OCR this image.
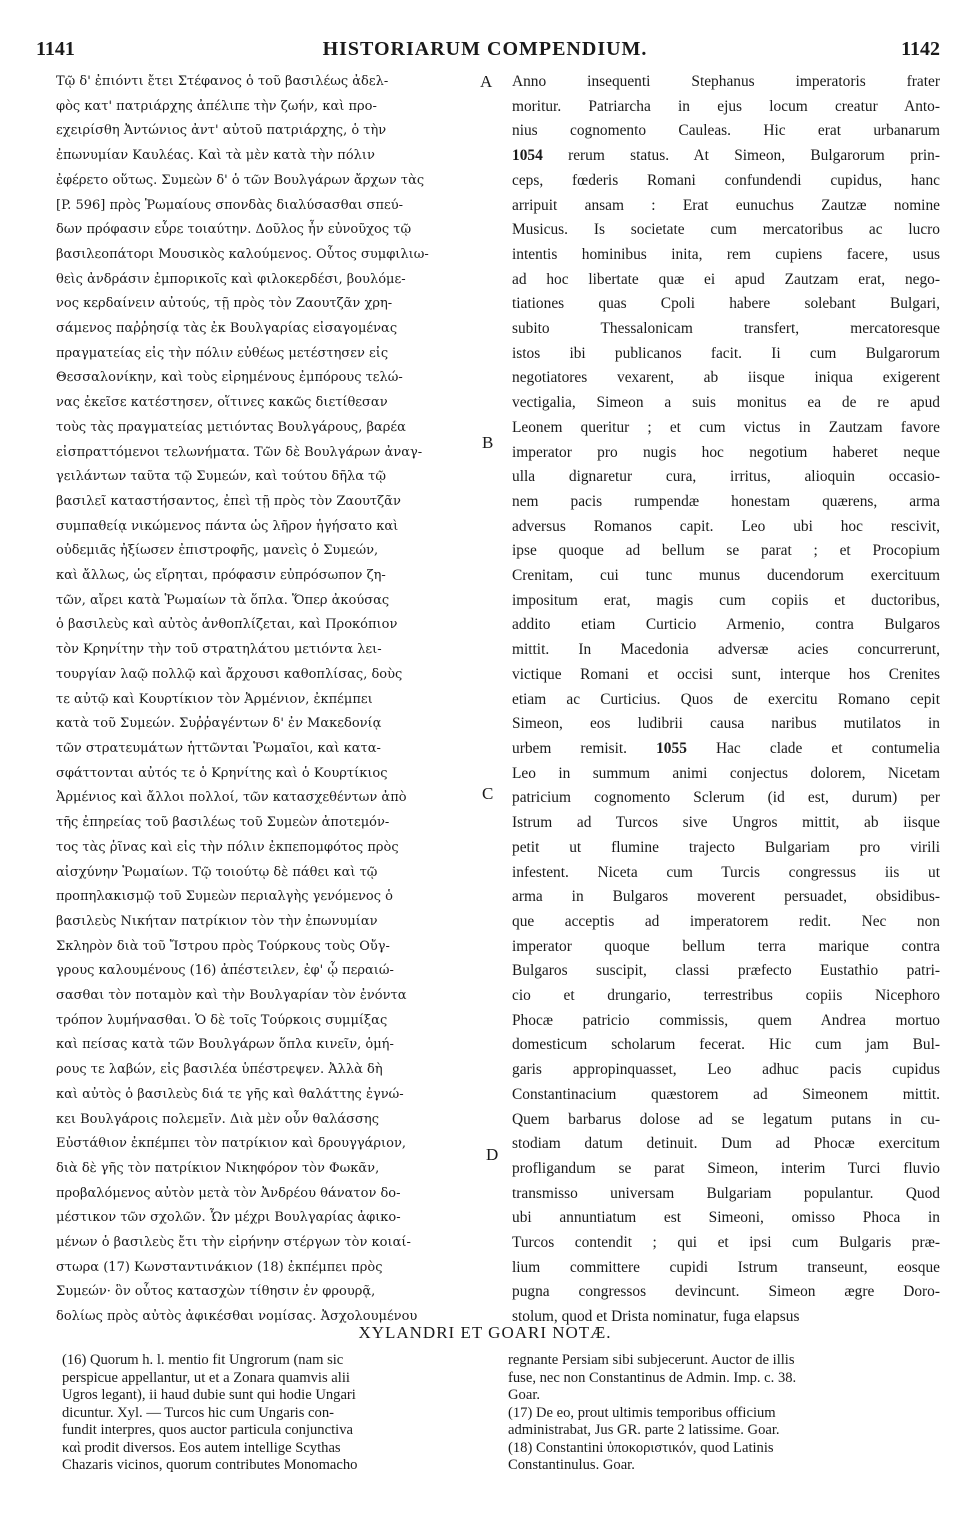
1141	HISTORIARUM COMPENDIUM.	1142

Τῷ δ' ἐπιόντι ἔτει Στέφανος ὁ τοῦ βασιλέως ἀδελ-

φὸς κατ' πατριάρχης ἀπέλιπε τὴν ζωήν, καὶ προ-

εχειρίσθη Ἀντώνιος ἀντ' αὐτοῦ πατριάρχης, ὁ τὴν

ἐπωνυμίαν Καυλέας. Καὶ τὰ μὲν κατὰ τὴν πόλιν

ἐφέρετο οὕτως. Συμεὼν δ' ὁ τῶν Βουλγάρων ἄρχων τὰς

[P. 596] πρὸς Ῥωμαίους σπονδὰς διαλύσασθαι σπεύ-

δων πρόφασιν εὗρε τοιαύτην. Δοῦλος ἦν εὐνοῦχος τῷ

βασιλεοπάτορι Μουσικὸς καλούμενος. Οὗτος συμφιλιω-

θεὶς ἀνδράσιν ἐμπορικοῖς καὶ φιλοκερδέσι, βουλόμε-

νος κερδαίνειν αὐτούς, τῇ πρὸς τὸν Ζαουτζᾶν χρη-

σάμενος παῤῥησίᾳ τὰς ἐκ Βουλγαρίας εἰσαγομένας

πραγματείας εἰς τὴν πόλιν εὐθέως μετέστησεν εἰς

Θεσσαλονίκην, καὶ τοὺς εἰρημένους ἐμπόρους τελώ-

νας ἐκεῖσε κατέστησεν, οἵτινες κακῶς διετίθεσαν

τοὺς τὰς πραγματείας μετιόντας Βουλγάρους, βαρέα

εἰσπραττόμενοι τελωνήματα. Τῶν δὲ Βουλγάρων ἀναγ-

γειλάντων ταῦτα τῷ Συμεών, καὶ τούτου δῆλα τῷ

βασιλεῖ καταστήσαντος, ἐπεὶ τῇ πρὸς τὸν Ζαουτζᾶν

συμπαθείᾳ νικώμενος πάντα ὡς λῆρον ἡγήσατο καὶ

οὐδεμιᾶς ἠξίωσεν ἐπιστροφῆς, μανεὶς ὁ Συμεών,

καὶ ἄλλως, ὡς εἴρηται, πρόφασιν εὐπρόσωπον ζη-

τῶν, αἴρει κατὰ Ῥωμαίων τὰ ὅπλα. Ὅπερ ἀκούσας

ὁ βασιλεὺς καὶ αὐτὸς ἀνθοπλίζεται, καὶ Προκόπιον

τὸν Κρηνίτην τὴν τοῦ στρατηλάτου μετιόντα λει-

τουργίαν λαῷ πολλῷ καὶ ἄρχουσι καθοπλίσας, δοὺς

τε αὐτῷ καὶ Κουρτίκιον τὸν Ἀρμένιον, ἐκπέμπει

κατὰ τοῦ Συμεών. Συῤῥαγέντων δ' ἐν Μακεδονίᾳ

τῶν στρατευμάτων ἡττῶνται Ῥωμαῖοι, καὶ κατα-

σφάττονται αὐτός τε ὁ Κρηνίτης καὶ ὁ Κουρτίκιος

Ἀρμένιος καὶ ἄλλοι πολλοί, τῶν κατασχεθέντων ἀπὸ

τῆς ἐπηρείας τοῦ βασιλέως τοῦ Συμεὼν ἀποτεμόν-

τος τὰς ῥῖνας καὶ εἰς τὴν πόλιν ἐκπεπομφότος πρὸς

αἰσχύνην Ῥωμαίων. Τῷ τοιούτῳ δὲ πάθει καὶ τῷ

προπηλακισμῷ τοῦ Συμεὼν περιαλγὴς γενόμενος ὁ

βασιλεὺς Νικήταν πατρίκιον τὸν τὴν ἐπωνυμίαν

Σκληρὸν διὰ τοῦ Ἴστρου πρὸς Τούρκους τοὺς Οὔγ-

γρους καλουμένους (16) ἀπέστειλεν, ἐφ' ᾧ περαιώ-

σασθαι τὸν ποταμὸν καὶ τὴν Βουλγαρίαν τὸν ἐνόντα

τρόπον λυμήνασθαι. Ὁ δὲ τοῖς Τούρκοις συμμίξας

καὶ πείσας κατὰ τῶν Βουλγάρων ὅπλα κινεῖν, ὁμή-

ρους τε λαβών, εἰς βασιλέα ὑπέστρεψεν. Ἀλλὰ δὴ

καὶ αὐτὸς ὁ βασιλεὺς διά τε γῆς καὶ θαλάττης ἐγνώ-

κει Βουλγάροις πολεμεῖν. Διὰ μὲν οὖν θαλάσσης

Εὐστάθιον ἐκπέμπει τὸν πατρίκιον καὶ δρουγγάριον,

διὰ δὲ γῆς τὸν πατρίκιον Νικηφόρον τὸν Φωκᾶν,

προβαλόμενος αὐτὸν μετὰ τὸν Ἀνδρέου θάνατον δο-

μέστικον τῶν σχολῶν. Ὧν μέχρι Βουλγαρίας ἀφικο-

μένων ὁ βασιλεὺς ἔτι τὴν εἰρήνην στέργων τὸν κοιαί-

στωρα (17) Κωνσταντινάκιον (18) ἐκπέμπει πρὸς

Συμεών· ὃν οὗτος κατασχὼν τίθησιν ἐν φρουρᾷ,

δολίως πρὸς αὐτὸς ἀφικέσθαι νομίσας. Ἀσχολουμένου

Anno insequenti Stephanus imperatoris frater

moritur. Patriarcha in ejus locum creatur Anto-

nius cognomento Cauleas. Hic erat urbanarum

1054 rerum status. At Simeon, Bulgarorum prin-

ceps, fœderis Romani confundendi cupidus, hanc

arripuit ansam : Erat eunuchus Zautzæ nomine

Musicus. Is societate cum mercatoribus ac lucro

intentis hominibus inita, rem cupiens facere, usus

ad hoc libertate quæ ei apud Zautzam erat, nego-

tiationes quas Cpoli habere solebant Bulgari,

subito Thessalonicam transfert, mercatoresque

istos ibi publicanos facit. Ii cum Bulgarorum

negotiatores vexarent, ab iisque iniqua exigerent

vectigalia, Simeon a suis monitus ea de re apud

Leonem queritur ; et cum victus in Zautzam favore

imperator pro nugis hoc negotium haberet neque

ulla dignaretur cura, irritus, alioquin occasio-

nem pacis rumpendæ honestam quærens, arma

adversus Romanos capit. Leo ubi hoc rescivit,

ipse quoque ad bellum se parat ; et Procopium

Crenitam, cui tunc munus ducendorum exercituum

impositum erat, magis cum copiis et ductoribus,

addito etiam Curticio Armenio, contra Bulgaros

mittit. In Macedonia adversæ acies concurrerunt,

victique Romani et occisi sunt, interque hos Crenites

etiam ac Curticius. Quos de exercitu Romano cepit

Simeon, eos ludibrii causa naribus mutilatos in

urbem remisit. 1055 Hac clade et contumelia

Leo in summum animi conjectus dolorem, Nicetam

patricium cognomento Sclerum (id est, durum) per

Istrum ad Turcos sive Ungros mittit, ab iisque

petit ut flumine trajecto Bulgariam pro virili

infestent. Niceta cum Turcis congressus iis ut

arma in Bulgaros moverent persuadet, obsidibus-

que acceptis ad imperatorem redit. Nec non

imperator quoque bellum terra marique contra

Bulgaros suscipit, classi præfecto Eustathio patri-

cio et drungario, terrestribus copiis Nicephoro

Phocæ patricio commissis, quem Andrea mortuo

domesticum scholarum fecerat. Hic cum jam Bul-

garis appropinquasset, Leo adhuc pacis cupidus

Constantinacium quæstorem ad Simeonem mittit.

Quem barbarus dolose ad se legatum putans in cu-

stodiam datum detinuit. Dum ad Phocæ exercitum

profligandum se parat Simeon, interim Turci fluvio

transmisso universam Bulgariam populantur. Quod

ubi annuntiatum est Simeoni, omisso Phoca in

Turcos contendit ; qui et ipsi cum Bulgaris præ-

lium committere cupidi Istrum transeunt, eosque

pugna congressos devincunt. Simeon ægre Doro-

stolum, quod et Drista nominatur, fuga elapsus

A
B
C
D
XYLANDRI ET GOARI NOTÆ.

(16) Quorum h. l. mentio fit Ungrorum (nam sic

perspicue appellantur, ut et a Zonara quamvis alii

Ugros legant), ii haud dubie sunt qui hodie Ungari

dicuntur. Xyl. — Turcos hic cum Ungaris con-

fundit interpres, quos auctor particula conjunctiva

καὶ prodit diversos. Eos autem intellige Scythas

Chazaris vicinos, quorum contributes Monomacho

regnante Persiam sibi subjecerunt. Auctor de illis

fuse, nec non Constantinus de Admin. Imp. c. 38.

Goar.

(17) De eo, prout ultimis temporibus officium

administrabat, Jus GR. parte 2 latissime. Goar.

(18) Constantini ὑποκοριστικόν, quod Latinis

Constantinulus. Goar.
